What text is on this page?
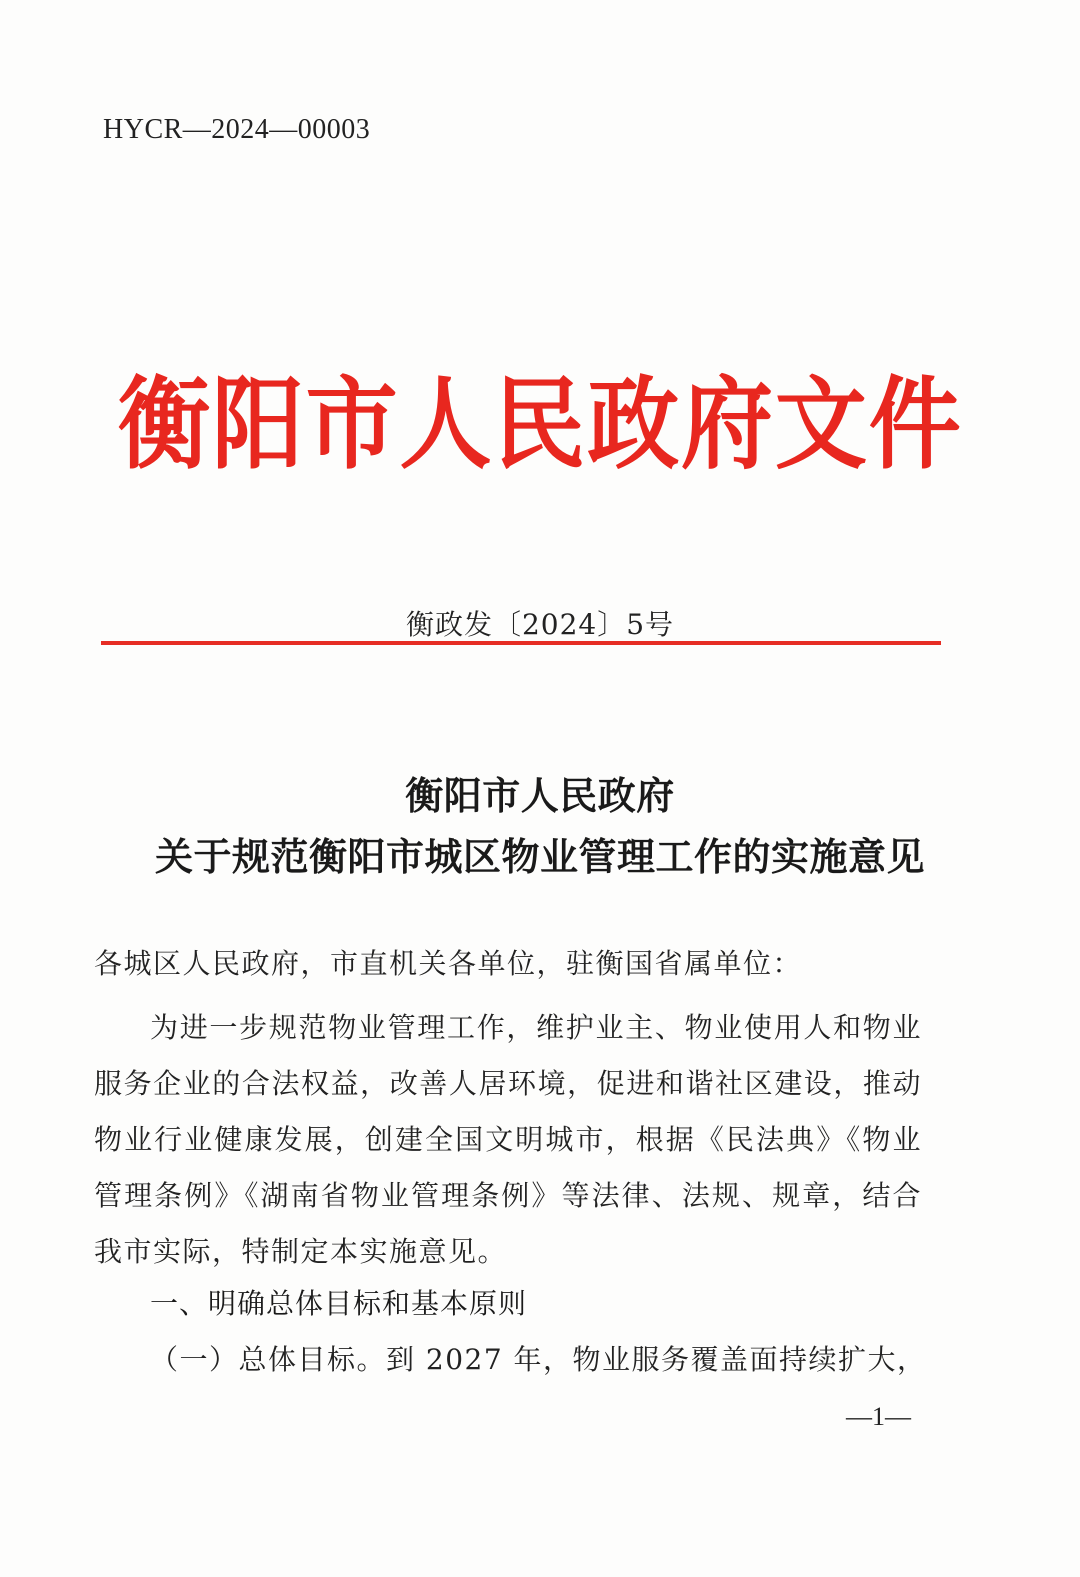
HYCR—2024—00003
衡阳市人民政府文件
衡政发〔2024〕5号
衡阳市人民政府
关于规范衡阳市城区物业管理工作的实施意见
各城区人民政府，市直机关各单位，驻衡国省属单位：
为进一步规范物业管理工作，维护业主、物业使用人和物业服务企业的合法权益，改善人居环境，促进和谐社区建设，推动物业行业健康发展，创建全国文明城市，根据《民法典》《物业管理条例》《湖南省物业管理条例》等法律、法规、规章，结合我市实际，特制定本实施意见。
一、明确总体目标和基本原则
（一）总体目标。到 2027 年，物业服务覆盖面持续扩大，
—1—
